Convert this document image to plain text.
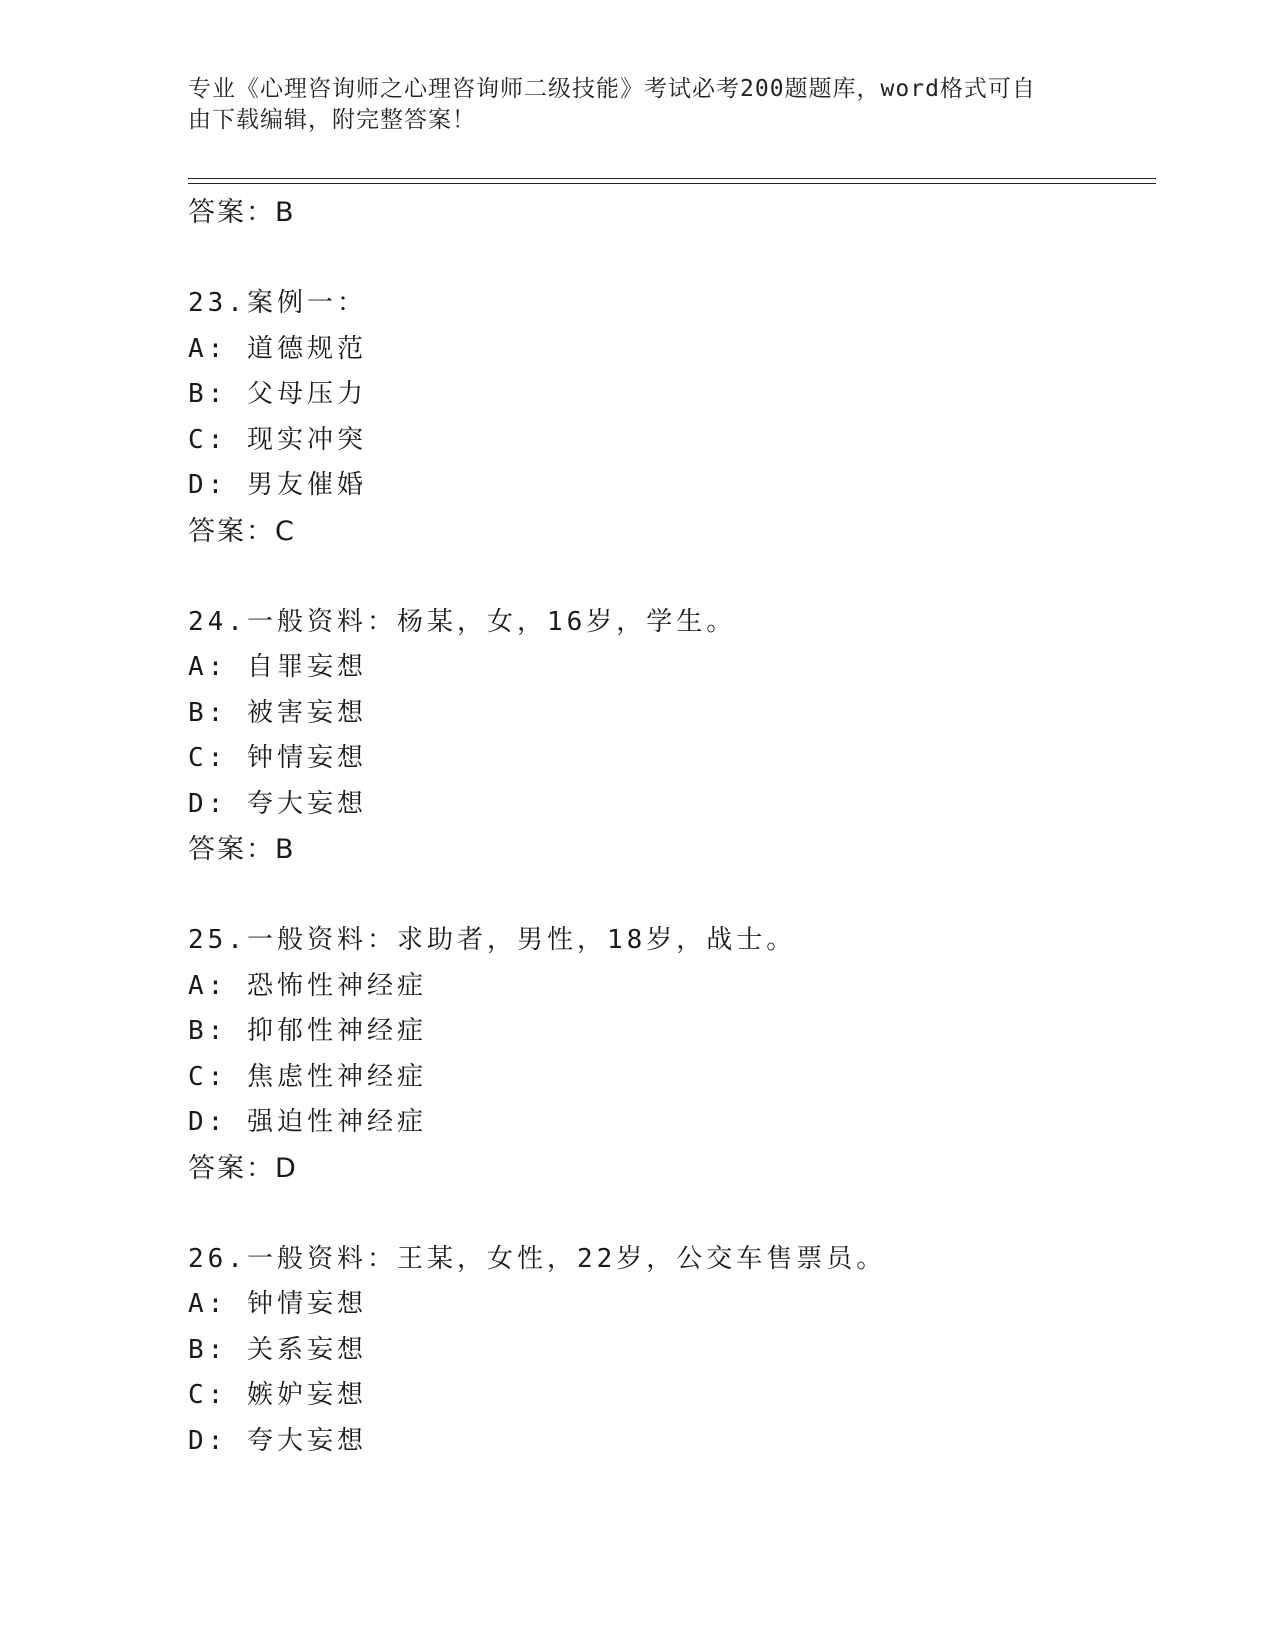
专业《心理咨询师之心理咨询师二级技能》考试必考200题题库，word格式可自
由下载编辑，附完整答案！
答案：B
23.案例一：
A: 道德规范
B: 父母压力
C: 现实冲突
D: 男友催婚
答案：C
24.一般资料：杨某，女，16岁，学生。
A: 自罪妄想
B: 被害妄想
C: 钟情妄想
D: 夸大妄想
答案：B
25.一般资料：求助者，男性，18岁，战士。
A: 恐怖性神经症
B: 抑郁性神经症
C: 焦虑性神经症
D: 强迫性神经症
答案：D
26.一般资料：王某，女性，22岁，公交车售票员。
A: 钟情妄想
B: 关系妄想
C: 嫉妒妄想
D: 夸大妄想
